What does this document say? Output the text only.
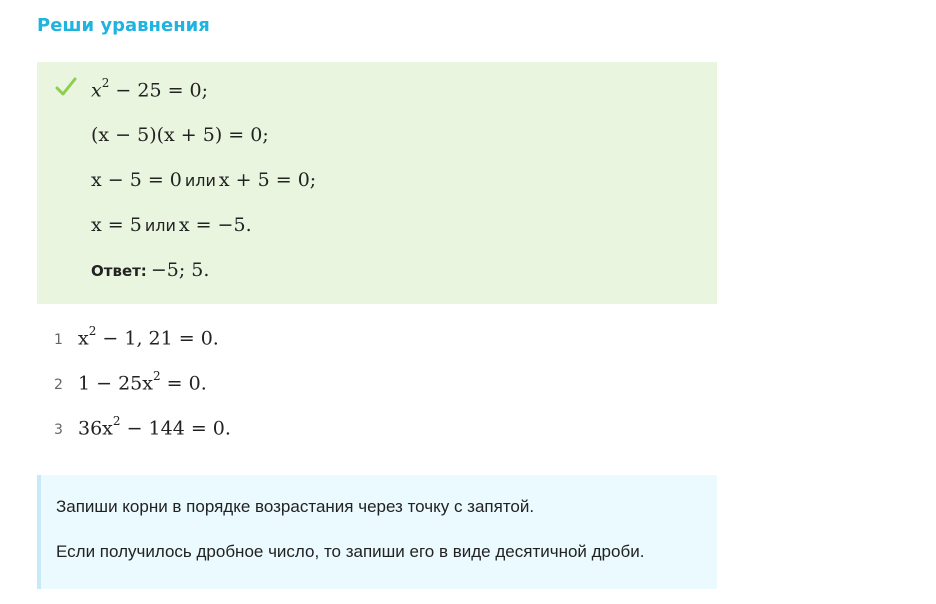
Реши уравнения
$x^2 - 25 = 0$;
(x − 5)(x + 5) = 0;
x − 5 = 0 или x + 5 = 0;
x = 5 или x = −5.
Ответ: −5; 5.
1 $x^2 - 1$, 21 = 0.
2 $1 - 25x^2 = 0$.
3 $36x^2 - 144 = 0$.

Запиши корни в порядке возрастания через точку с запятой.

Если получилось дробное число, то запиши его в виде десятичной дроби.
